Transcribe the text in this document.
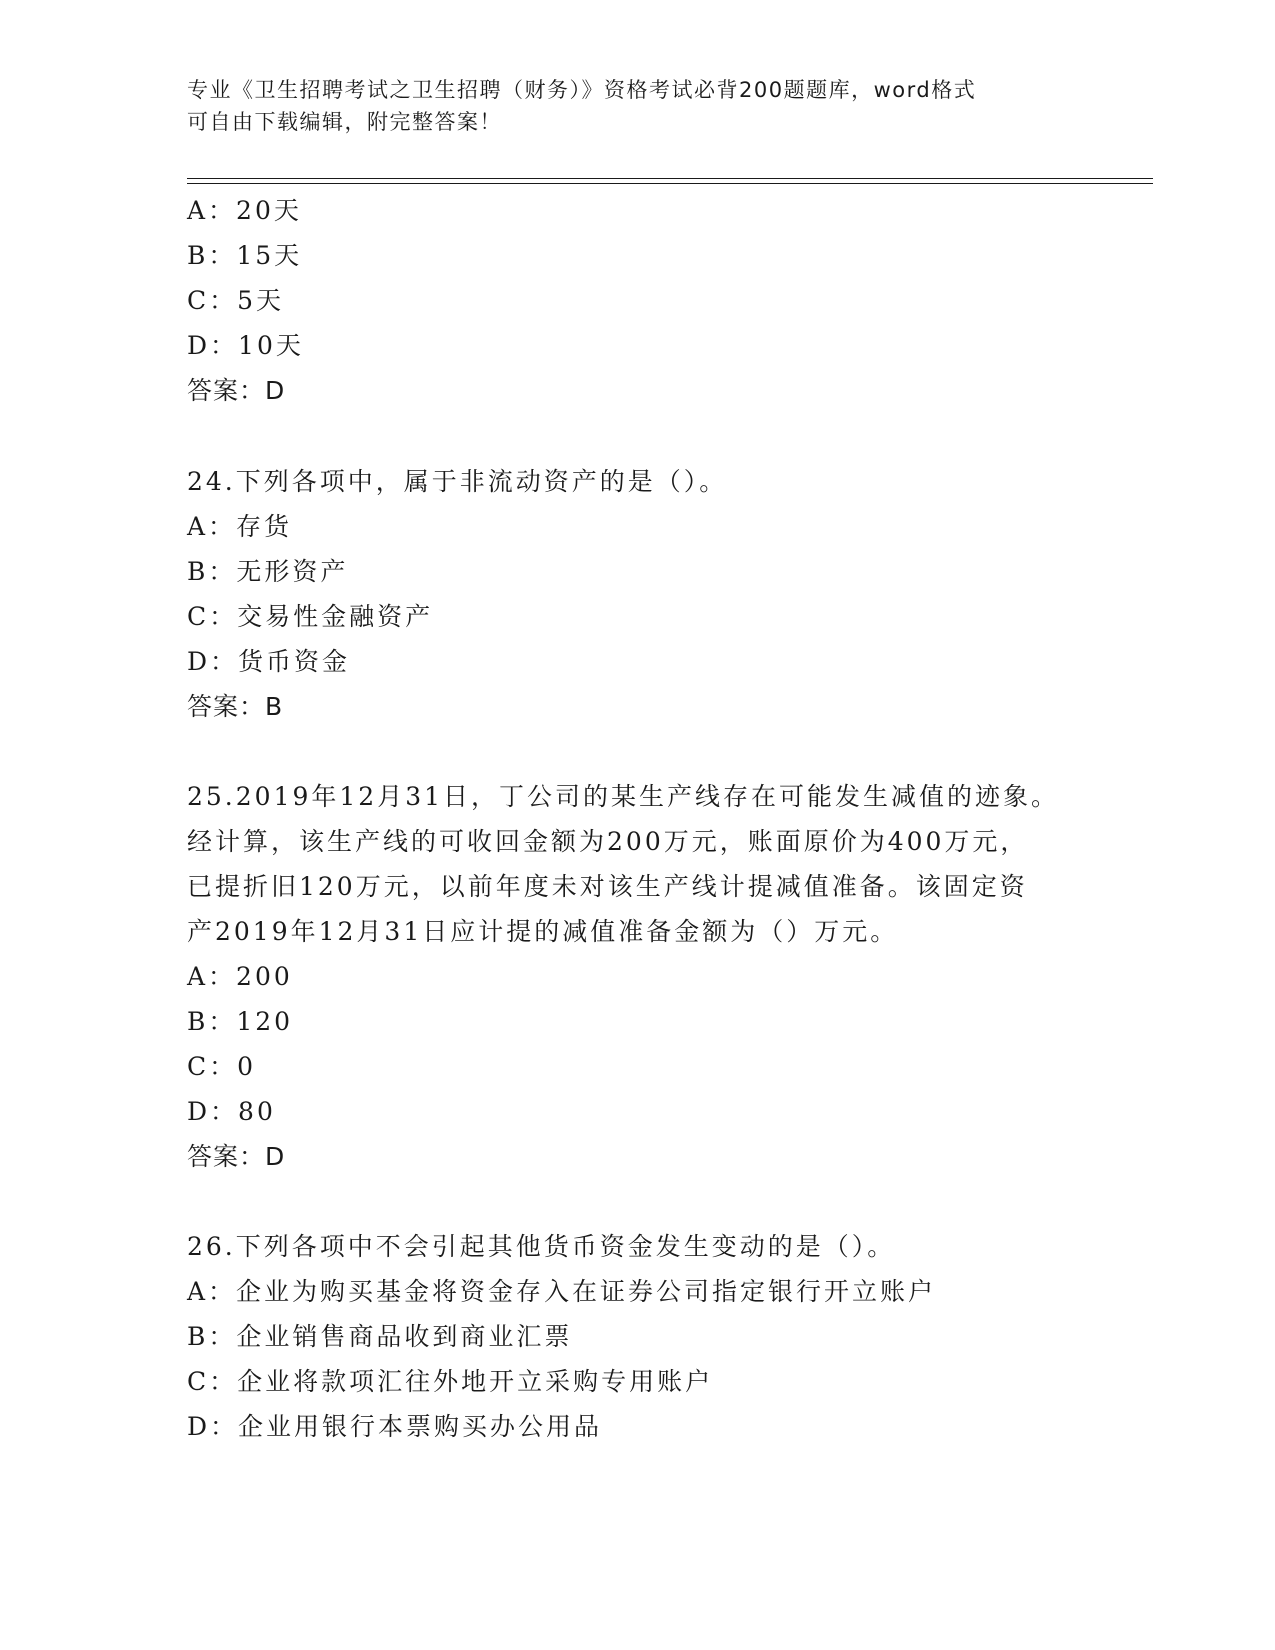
专业《卫生招聘考试之卫生招聘（财务）》资格考试必背200题题库，word格式
可自由下载编辑，附完整答案！
A：20天
B：15天
C：5天
D：10天
答案：D
24.下列各项中，属于非流动资产的是（）。
A：存货
B：无形资产
C：交易性金融资产
D：货币资金
答案：B
25.2019年12月31日，丁公司的某生产线存在可能发生减值的迹象。
经计算，该生产线的可收回金额为200万元，账面原价为400万元，
已提折旧120万元，以前年度未对该生产线计提减值准备。该固定资
产2019年12月31日应计提的减值准备金额为（）万元。
A：200
B：120
C：0
D：80
答案：D
26.下列各项中不会引起其他货币资金发生变动的是（）。
A：企业为购买基金将资金存入在证券公司指定银行开立账户
B：企业销售商品收到商业汇票
C：企业将款项汇往外地开立采购专用账户
D：企业用银行本票购买办公用品
